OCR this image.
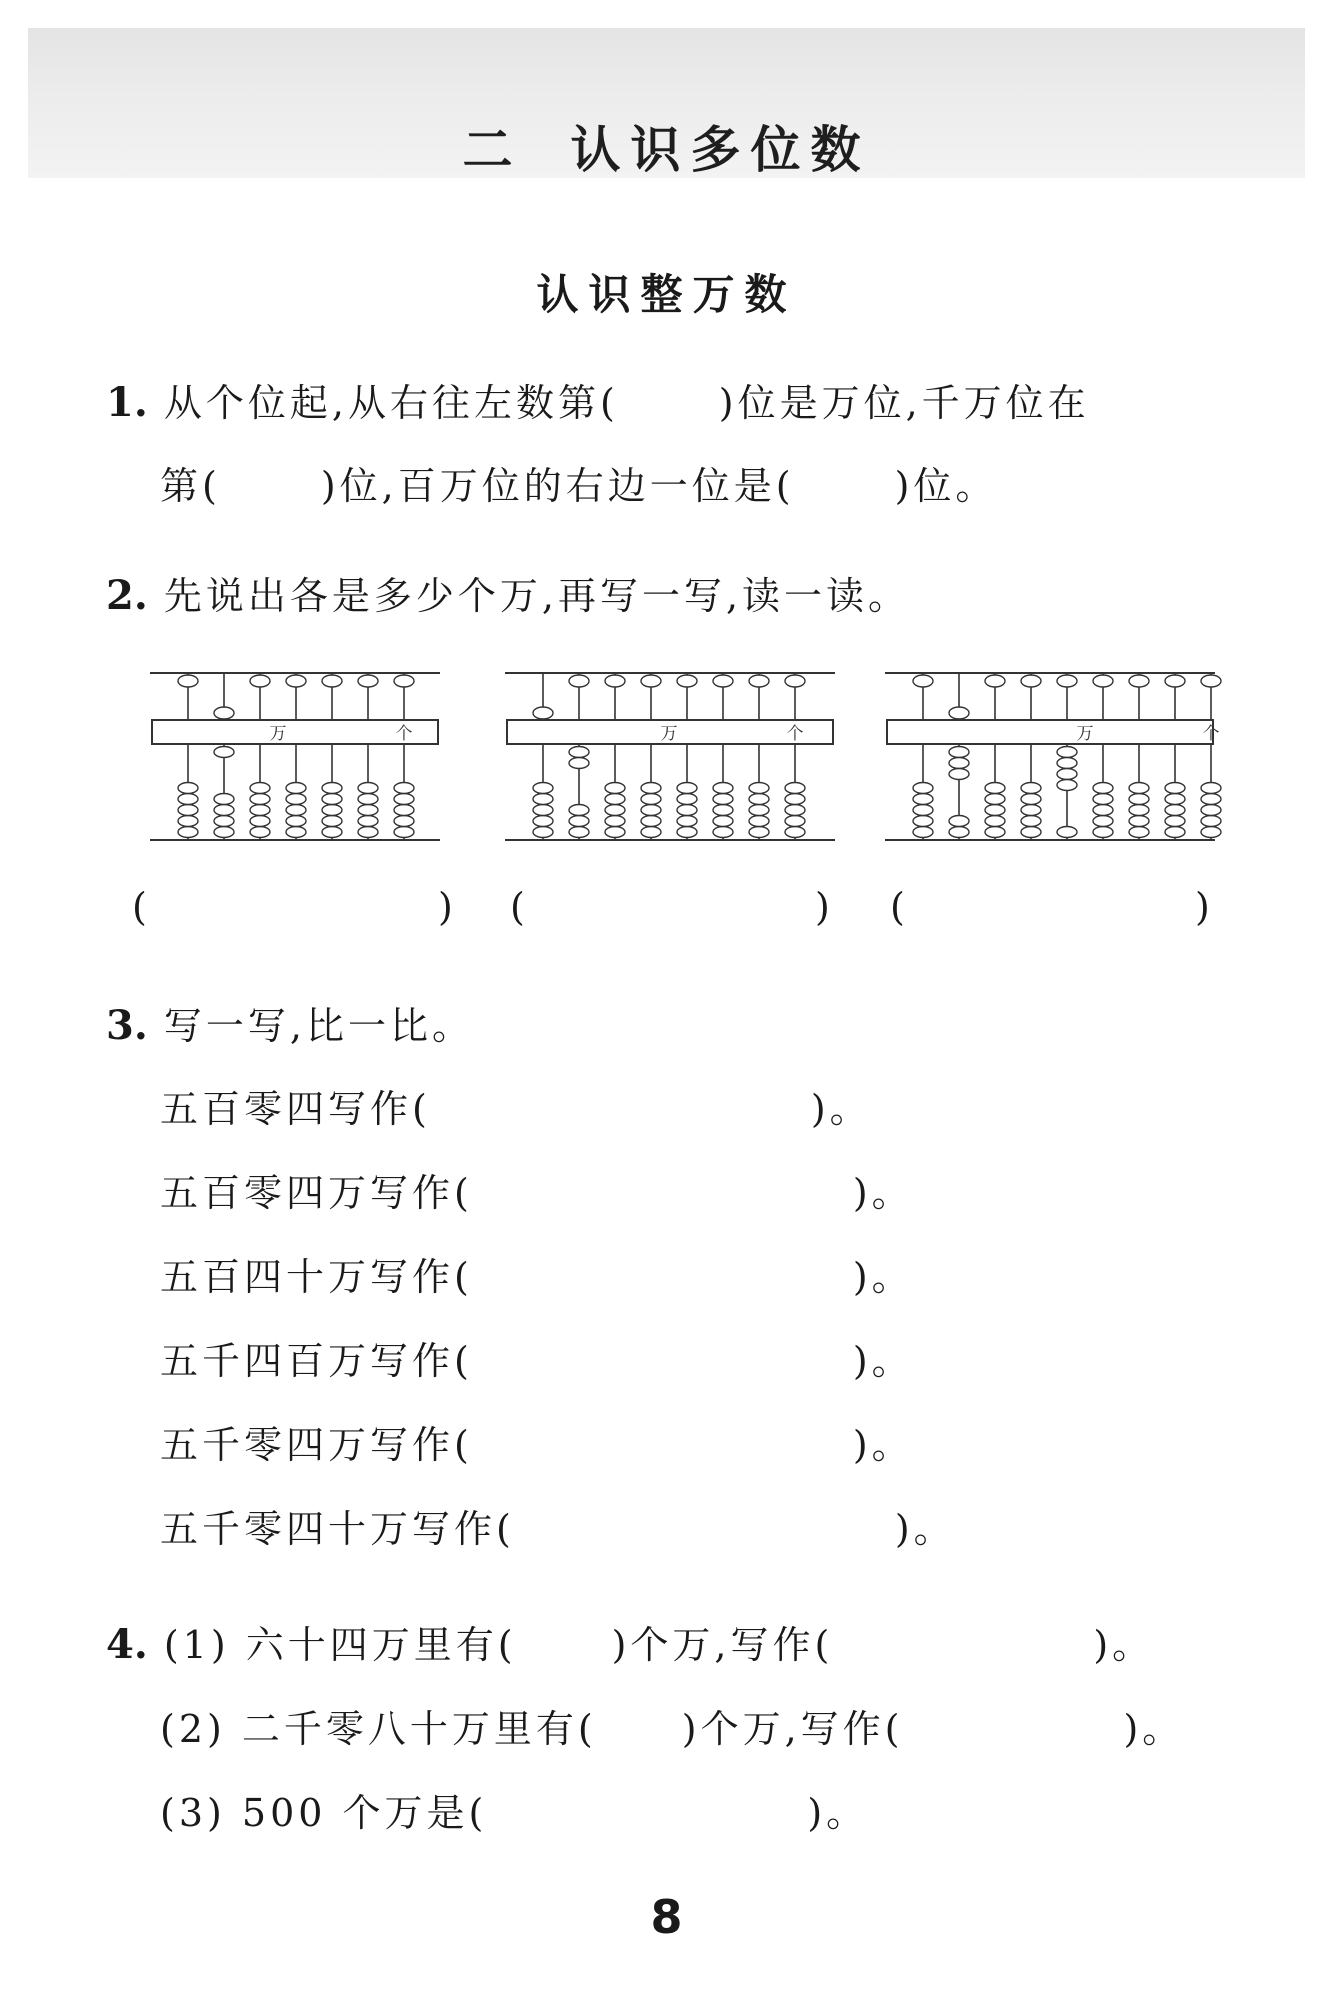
二 认识多位数
认识整万数
1. 从个位起,从右往左数第(	)位是万位,千万位在
第(	)位,百万位的右边一位是(	)位。
2. 先说出各是多少个万,再写一写,读一读。
万	个	万	个	万	个
(	) (	) (	)
3. 写一写,比一比。
五百零四写作(	)。
五百零四万写作(	)。
五百四十万写作(	)。
五千四百万写作(	)。
五千零四万写作(	)。
五千零四十万写作(	)。
4. (1) 六十四万里有(	)个万,写作(	)。
(2) 二千零八十万里有( )个万,写作(	)。
(3) 500 个万是(	)。
8
